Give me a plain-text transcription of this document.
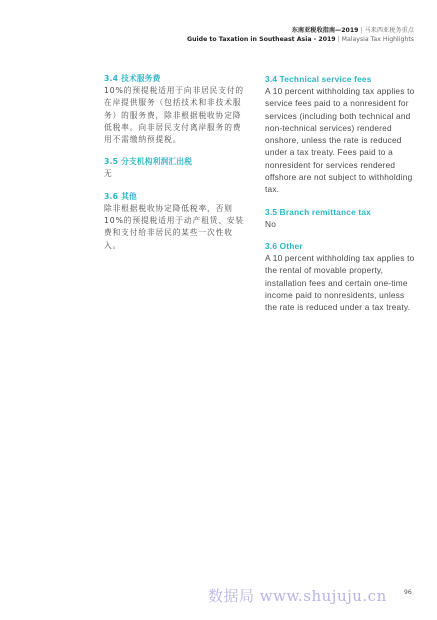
东南亚税收指南—2019 | 马来西亚税务重点
Guide to Taxation in Southeast Asia - 2019 | Malaysia Tax Highlights

3.4 技术服务费

10%的预提税适用于向非居民支付的在岸提供服务（包括技术和非技术服务）的服务费，除非根据税收协定降低税率。向非居民支付离岸服务的费用不需缴纳预提税。

3.5 分支机构利润汇出税

无

3.6 其他

除非根据税收协定降低税率，否则10%的预提税适用于动产租赁、安装费和支付给非居民的某些一次性收入。

3.4 Technical service fees

A 10 percent withholding tax applies to service fees paid to a nonresident for services (including both technical and non-technical services) rendered onshore, unless the rate is reduced under a tax treaty. Fees paid to a nonresident for services rendered offshore are not subject to withholding tax.

3.5 Branch remittance tax

No

3.6 Other

A 10 percent withholding tax applies to the rental of movable property, installation fees and certain one-time income paid to nonresidents, unless the rate is reduced under a tax treaty.

数据局 www.shujuju.cn	96
